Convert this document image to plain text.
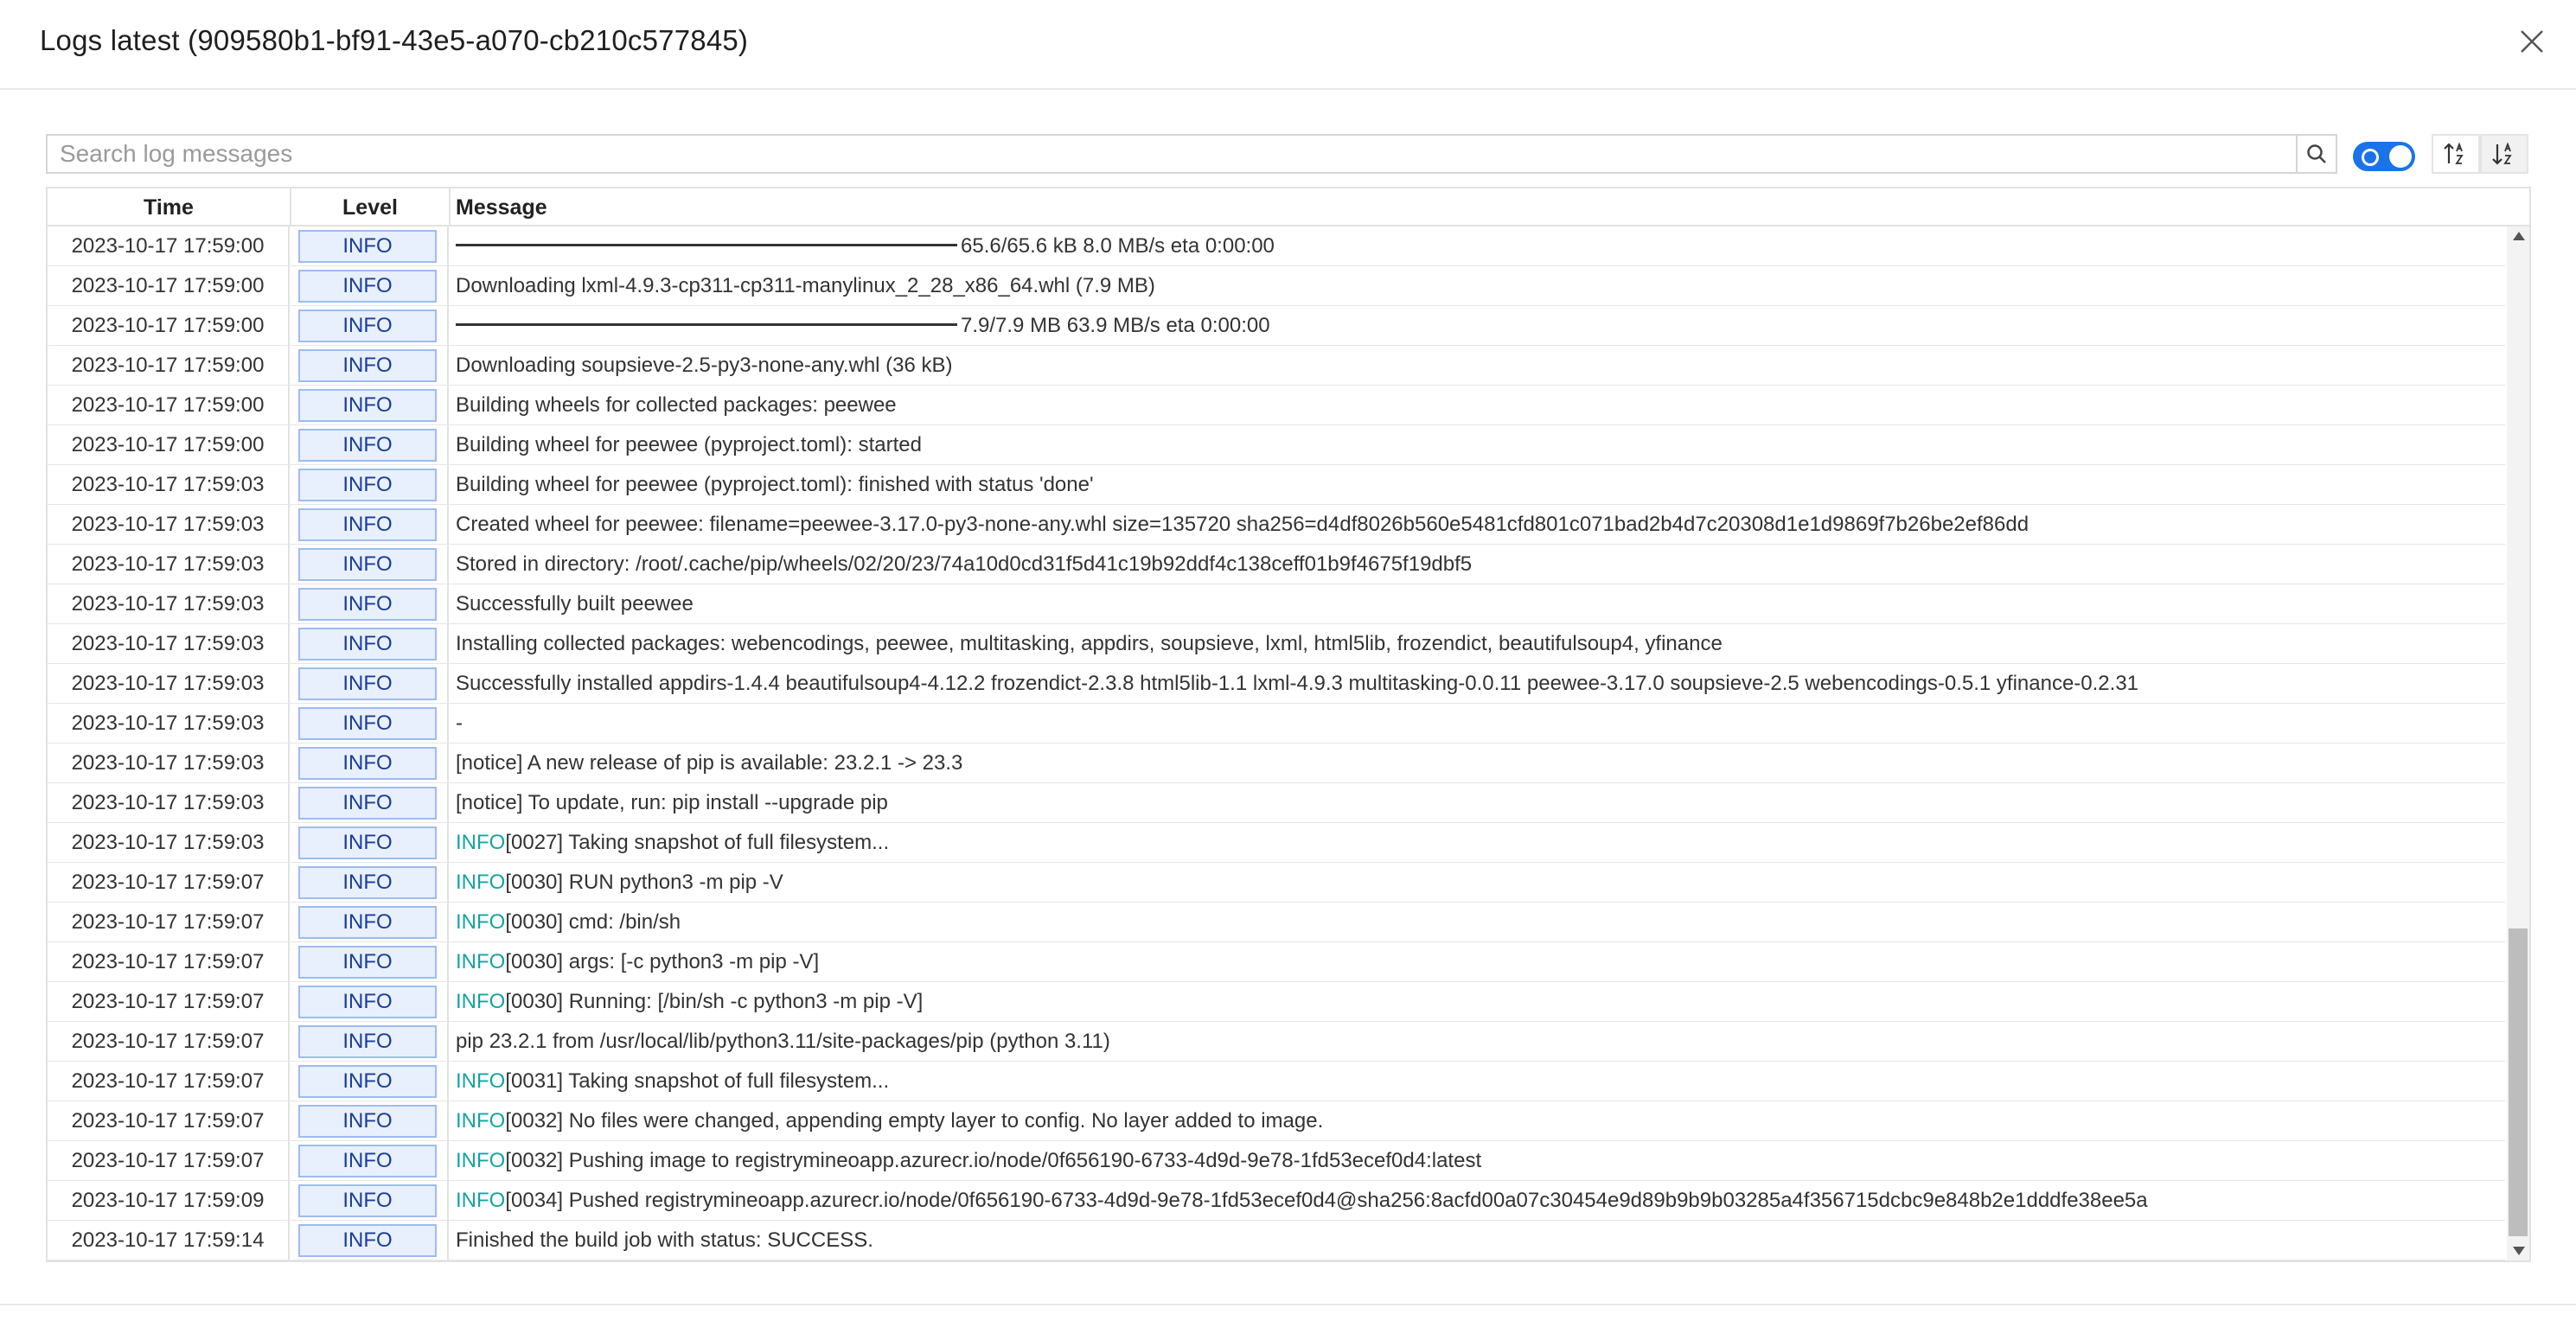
Logs latest (909580b1-bf91-43e5-a070-cb210c577845)
Search log messages
Time	Level	Message
2023-10-17 17:59:00	INFO	65.6/65.6 kB 8.0 MB/s eta 0:00:00
2023-10-17 17:59:00	INFO	Downloading lxml-4.9.3-cp311-cp311-manylinux_2_28_x86_64.whl (7.9 MB)
2023-10-17 17:59:00	INFO	7.9/7.9 MB 63.9 MB/s eta 0:00:00
2023-10-17 17:59:00	INFO	Downloading soupsieve-2.5-py3-none-any.whl (36 kB)
2023-10-17 17:59:00	INFO	Building wheels for collected packages: peewee
2023-10-17 17:59:00	INFO	Building wheel for peewee (pyproject.toml): started
2023-10-17 17:59:03	INFO	Building wheel for peewee (pyproject.toml): finished with status 'done'
2023-10-17 17:59:03	INFO	Created wheel for peewee: filename=peewee-3.17.0-py3-none-any.whl size=135720 sha256=d4df8026b560e5481cfd801c071bad2b4d7c20308d1e1d9869f7b26be2ef86dd
2023-10-17 17:59:03	INFO	Stored in directory: /root/.cache/pip/wheels/02/20/23/74a10d0cd31f5d41c19b92ddf4c138ceff01b9f4675f19dbf5
2023-10-17 17:59:03	INFO	Successfully built peewee
2023-10-17 17:59:03	INFO	Installing collected packages: webencodings, peewee, multitasking, appdirs, soupsieve, lxml, html5lib, frozendict, beautifulsoup4, yfinance
2023-10-17 17:59:03	INFO	Successfully installed appdirs-1.4.4 beautifulsoup4-4.12.2 frozendict-2.3.8 html5lib-1.1 lxml-4.9.3 multitasking-0.0.11 peewee-3.17.0 soupsieve-2.5 webencodings-0.5.1 yfinance-0.2.31
2023-10-17 17:59:03	INFO	-
2023-10-17 17:59:03	INFO	[notice] A new release of pip is available: 23.2.1 -> 23.3
2023-10-17 17:59:03	INFO	[notice] To update, run: pip install --upgrade pip
2023-10-17 17:59:03	INFO	INFO[0027] Taking snapshot of full filesystem...
2023-10-17 17:59:07	INFO	INFO[0030] RUN python3 -m pip -V
2023-10-17 17:59:07	INFO	INFO[0030] cmd: /bin/sh
2023-10-17 17:59:07	INFO	INFO[0030] args: [-c python3 -m pip -V]
2023-10-17 17:59:07	INFO	INFO[0030] Running: [/bin/sh -c python3 -m pip -V]
2023-10-17 17:59:07	INFO	pip 23.2.1 from /usr/local/lib/python3.11/site-packages/pip (python 3.11)
2023-10-17 17:59:07	INFO	INFO[0031] Taking snapshot of full filesystem...
2023-10-17 17:59:07	INFO	INFO[0032] No files were changed, appending empty layer to config. No layer added to image.
2023-10-17 17:59:07	INFO	INFO[0032] Pushing image to registrymineoapp.azurecr.io/node/0f656190-6733-4d9d-9e78-1fd53ecef0d4:latest
2023-10-17 17:59:09	INFO	INFO[0034] Pushed registrymineoapp.azurecr.io/node/0f656190-6733-4d9d-9e78-1fd53ecef0d4@sha256:8acfd00a07c30454e9d89b9b9b03285a4f356715dcbc9e848b2e1dddfe38ee5a
2023-10-17 17:59:14	INFO	Finished the build job with status: SUCCESS.
